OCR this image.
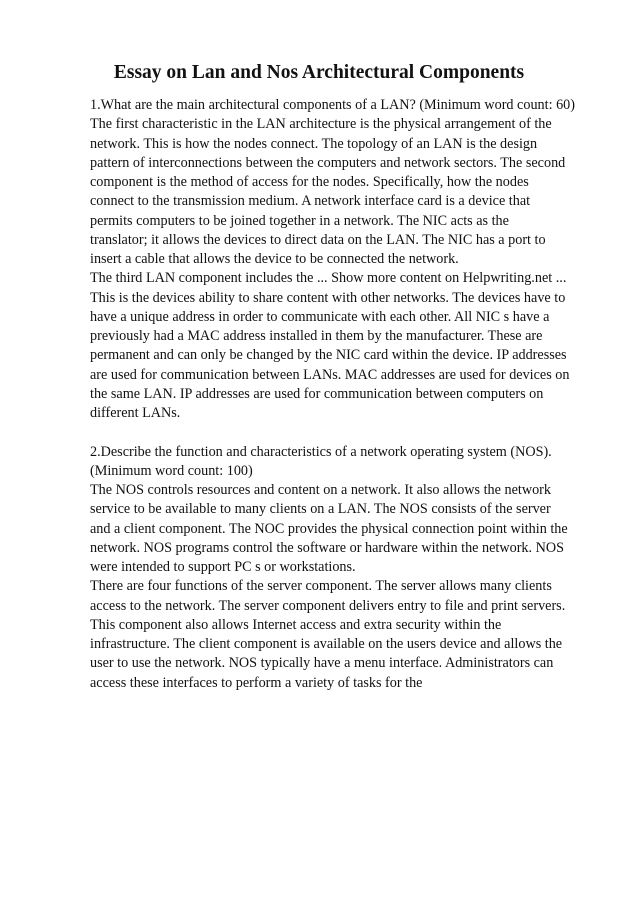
Essay on Lan and Nos Architectural Components
1.What are the main architectural components of a LAN? (Minimum word count: 60)
The first characteristic in the LAN architecture is the physical arrangement of the
network. This is how the nodes connect. The topology of an LAN is the design
pattern of interconnections between the computers and network sectors. The second
component is the method of access for the nodes. Specifically, how the nodes
connect to the transmission medium. A network interface card is a device that
permits computers to be joined together in a network. The NIC acts as the
translator; it allows the devices to direct data on the LAN. The NIC has a port to
insert a cable that allows the device to be connected the network.
The third LAN component includes the ... Show more content on Helpwriting.net ...
This is the devices ability to share content with other networks. The devices have to
have a unique address in order to communicate with each other. All NIC s have a
previously had a MAC address installed in them by the manufacturer. These are
permanent and can only be changed by the NIC card within the device. IP addresses
are used for communication between LANs. MAC addresses are used for devices on
the same LAN. IP addresses are used for communication between computers on
different LANs.
2.Describe the function and characteristics of a network operating system (NOS).
(Minimum word count: 100)
The NOS controls resources and content on a network. It also allows the network
service to be available to many clients on a LAN. The NOS consists of the server
and a client component. The NOC provides the physical connection point within the
network. NOS programs control the software or hardware within the network. NOS
were intended to support PC s or workstations.
There are four functions of the server component. The server allows many clients
access to the network. The server component delivers entry to file and print servers.
This component also allows Internet access and extra security within the
infrastructure. The client component is available on the users device and allows the
user to use the network. NOS typically have a menu interface. Administrators can
access these interfaces to perform a variety of tasks for the
